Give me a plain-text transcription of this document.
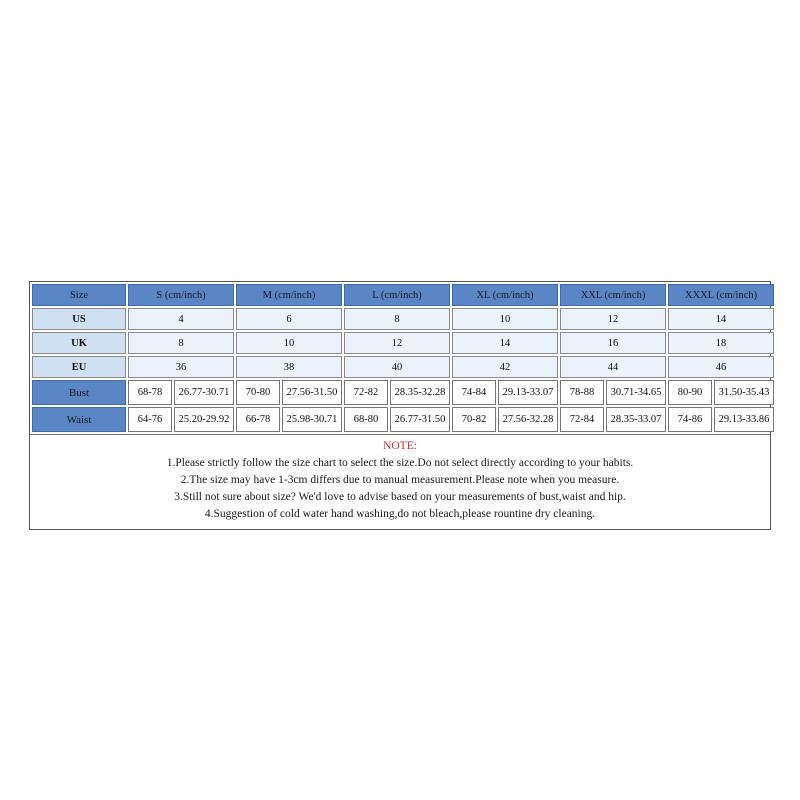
Size	S (cm/inch)		M (cm/inch)		L (cm/inch)		XL (cm/inch)		XXL (cm/inch)		XXXL (cm/inch)	
US	4		6		8		10		12		14	
UK	8		10		12		14		16		18	
EU	36		38		40		42		44		46	
Bust	68-78	26.77-30.71	70-80	27.56-31.50	72-82	28.35-32.28	74-84	29.13-33.07	78-88	30.71-34.65	80-90	31.50-35.43
Waist	64-76	25.20-29.92	66-78	25.98-30.71	68-80	26.77-31.50	70-82	27.56-32.28	72-84	28.35-33.07	74-86	29.13-33.86
NOTE:
1.Please strictly follow the size chart to select the size.Do not select directly according to your habits.
2.The size may have 1-3cm differs due to manual measurement.Please note when you measure.
3.Still not sure about size? We'd love to advise based on your measurements of bust,waist and hip.
4.Suggestion of cold water hand washing,do not bleach,please rountine dry cleaning.
